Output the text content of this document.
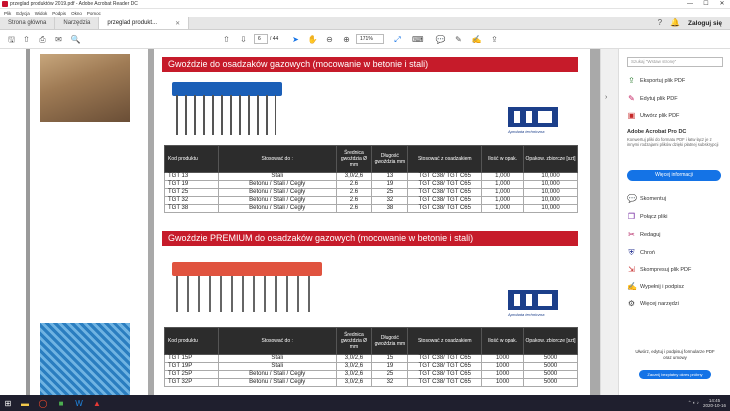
przeglad produktów 2019.pdf - Adobe Acrobat Reader DC	—	☐	✕
Plik Edycja Widok Podpis Okno Pomoc
Strona główna	Narzędzia	przeglad produkt...	✕	? 🔔 Zaloguj się
🖫 ⇧ ⎙ ✉ 🔍	⇧ ⇩	6	/ 44 ➤ ✋ ⊖ ⊕	171%	⤢ ⌨ 💬 ✎ ✍ ⇪
Gwoździe do osadzaków gazowych (mocowanie w betonie i stali)
Aprobata techniczna
Kod produktu	Stosować do :	Średnica gwoździa Ø mm	Długość gwoździa mm	Stosować z osadzakiem	Ilość w opak.	Opakow. zbiorcze [szt]
TGT 13	Stali	3,0/2,6	13	TGT C38/ TGT C65	1,000	10,000
TGT 19	Betonu / Stali / Cegły	2.6	19	TGT C38/ TGT C65	1,000	10,000
TGT 25	Betonu / Stali / Cegły	2.6	25	TGT C38/ TGT C65	1,000	10,000
TGT 32	Betonu / Stali / Cegły	2.6	32	TGT C38/ TGT C65	1,000	10,000
TGT 38	Betonu / Stali / Cegły	2.6	38	TGT C38/ TGT C65	1,000	10,000
Gwoździe PREMIUM do osadzaków gazowych (mocowanie w betonie i stali)
Aprobata techniczna
Kod produktu	Stosować do :	Średnica gwoździa Ø mm	Długość gwoździa mm	Stosować z osadzakiem	Ilość w opak.	Opakow. zbiorcze [szt]
TGT 15P	Stali	3,0/2,6	15	TGT C38/ TGT C65	1000	5000
TGT 19P	Stali	3,0/2,6	19	TGT C38/ TGT C65	1000	5000
TGT 25P	Betonu / Stali / Cegły	3,0/2,6	25	TGT C38/ TGT C65	1000	5000
TGT 32P	Betonu / Stali / Cegły	3,0/2,6	32	TGT C38/ TGT C65	1000	5000
›
Szukaj "Wstaw stronę"
⇪ Eksportuj plik PDF
✎ Edytuj plik PDF
▣ Utwórz plik PDF
Adobe Acrobat Pro DC
Konwertuj pliki do formatu PDF i łatw łącz je z innymi rodzajami plików dzięki płatnej subskrypcji
Więcej informacji
💬 Skomentuj
❐ Połącz pliki
✂ Redaguj
⛨ Chroń
⇲ Skompresuj plik PDF
✍ Wypełnij i podpisz
⚙ Więcej narzędzi
Ułwórz, edytuj i podpisuj formularze PDF oraz umowy
Zacznij bezpłatny okres próbny
⊞	▬	◯	■	W	▲	⌃ ◐ ♪ 14:45
2020-10-16
